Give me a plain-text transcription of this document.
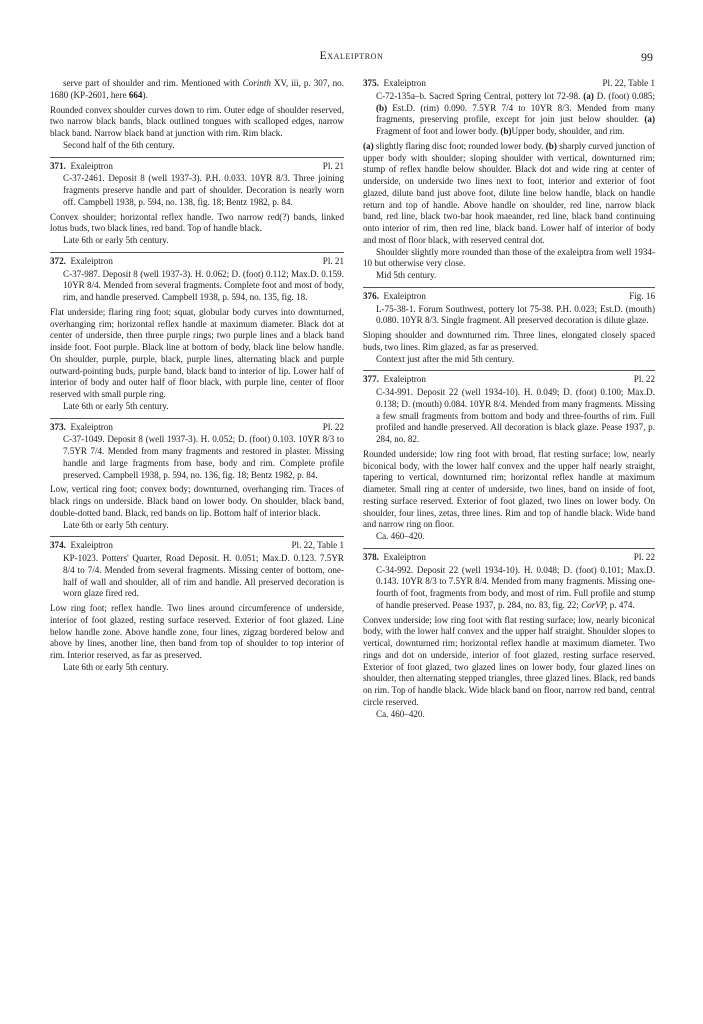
Exaleiptron	99

serve part of shoulder and rim. Mentioned with Corinth XV, iii, p. 307, no. 1680 (KP-2601, here 664).

Rounded convex shoulder curves down to rim. Outer edge of shoulder reserved, two narrow black bands, black outlined tongues with scalloped edges, narrow black band. Narrow black band at junction with rim. Rim black.

Second half of the 6th century.

371. Exaleiptron	Pl. 21

C-37-2461. Deposit 8 (well 1937-3). P.H. 0.033. 10YR 8/3. Three joining fragments preserve handle and part of shoulder. Decoration is nearly worn off. Campbell 1938, p. 594, no. 138, fig. 18; Bentz 1982, p. 84.

Convex shoulder; horizontal reflex handle. Two narrow red(?) bands, linked lotus buds, two black lines, red band. Top of handle black.

Late 6th or early 5th century.

372. Exaleiptron	Pl. 21

C-37-987. Deposit 8 (well 1937-3). H. 0.062; D. (foot) 0.112; Max.D. 0.159. 10YR 8/4. Mended from several fragments. Complete foot and most of body, rim, and handle preserved. Campbell 1938, p. 594, no. 135, fig. 18.

Flat underside; flaring ring foot; squat, globular body curves into downturned, overhanging rim; horizontal reflex handle at maximum diameter. Black dot at center of underside, then three purple rings; two purple lines and a black band inside foot. Foot purple. Black line at bottom of body, black line below handle. On shoulder, purple, purple, black, purple lines, alternating black and purple outward-pointing buds, purple band, black band to interior of lip. Lower half of interior of body and outer half of floor black, with purple line, center of floor reserved with small purple ring.

Late 6th or early 5th century.

373. Exaleiptron	Pl. 22

C-37-1049. Deposit 8 (well 1937-3). H. 0.052; D. (foot) 0.103. 10YR 8/3 to 7.5YR 7/4. Mended from many fragments and restored in plaster. Missing handle and large fragments from base, body and rim. Complete profile preserved. Campbell 1938, p. 594, no. 136, fig. 18; Bentz 1982, p. 84.

Low, vertical ring foot; convex body; downturned, overhanging rim. Traces of black rings on underside. Black band on lower body. On shoulder, black band, double-dotted band. Black, red bands on lip. Bottom half of interior black.

Late 6th or early 5th century.

374. Exaleiptron	Pl. 22, Table 1

KP-1023. Potters' Quarter, Road Deposit. H. 0.051; Max.D. 0.123. 7.5YR 8/4 to 7/4. Mended from several fragments. Missing center of bottom, one-half of wall and shoulder, all of rim and handle. All preserved decoration is worn glaze fired red.

Low ring foot; reflex handle. Two lines around circumference of underside, interior of foot glazed, resting surface reserved. Exterior of foot glazed. Line below handle zone. Above handle zone, four lines, zigzag bordered below and above by lines, another line, then band from top of shoulder to top interior of rim. Interior reserved, as far as preserved.

Late 6th or early 5th century.

375. Exaleiptron	Pl. 22, Table 1

C-72-135a–b. Sacred Spring Central, pottery lot 72-98. (a) D. (foot) 0.085; (b) Est.D. (rim) 0.090. 7.5YR 7/4 to 10YR 8/3. Mended from many fragments, preserving profile, except for join just below shoulder. (a) Fragment of foot and lower body. (b)Upper body, shoulder, and rim.

(a) slightly flaring disc foot; rounded lower body. (b) sharply curved junction of upper body with shoulder; sloping shoulder with vertical, downturned rim; stump of reflex handle below shoulder. Black dot and wide ring at center of underside, on underside two lines next to foot, interior and exterior of foot glazed, dilute band just above foot, dilute line below handle, black on handle return and top of handle. Above handle on shoulder, red line, narrow black band, red line, black two-bar hook maeander, red line, black band continuing onto interior of rim, then red line, black band. Lower half of interior of body and most of floor black, with reserved central dot.

Shoulder slightly more rounded than those of the exaleiptra from well 1934-10 but otherwise very close.

Mid 5th century.

376. Exaleiptron	Fig. 16

L-75-38-1. Forum Southwest, pottery lot 75-38. P.H. 0.023; Est.D. (mouth) 0.080. 10YR 8/3. Single fragment. All preserved decoration is dilute glaze.

Sloping shoulder and downturned rim. Three lines, elongated closely spaced buds, two lines. Rim glazed, as far as preserved.

Context just after the mid 5th century.

377. Exaleiptron	Pl. 22

C-34-991. Deposit 22 (well 1934-10). H. 0.049; D. (foot) 0.100; Max.D. 0.138; D. (mouth) 0.084. 10YR 8/4. Mended from many fragments. Missing a few small fragments from bottom and body and three-fourths of rim. Full profiled and handle preserved. All decoration is black glaze. Pease 1937, p. 284, no. 82.

Rounded underside; low ring foot with broad, flat resting surface; low, nearly biconical body, with the lower half convex and the upper half nearly straight, tapering to vertical, downturned rim; horizontal reflex handle at maximum diameter. Small ring at center of underside, two lines, band on inside of foot, resting surface reserved. Exterior of foot glazed, two lines on lower body. On shoulder, four lines, zetas, three lines. Rim and top of handle black. Wide band and narrow ring on floor.

Ca. 460–420.

378. Exaleiptron	Pl. 22

C-34-992. Deposit 22 (well 1934-10). H. 0.048; D. (foot) 0.101; Max.D. 0.143. 10YR 8/3 to 7.5YR 8/4. Mended from many fragments. Missing one-fourth of foot, fragments from body, and most of rim. Full profile and stump of handle preserved. Pease 1937, p. 284, no. 83, fig. 22; CorVP, p. 474.

Convex underside; low ring foot with flat resting surface; low, nearly biconical body, with the lower half convex and the upper half straight. Shoulder slopes to vertical, downturned rim; horizontal reflex handle at maximum diameter. Two rings and dot on underside, interior of foot glazed, resting surface reserved. Exterior of foot glazed, two glazed lines on lower body, four glazed lines on shoulder, then alternating stepped triangles, three glazed lines. Black, red bands on rim. Top of handle black. Wide black band on floor, narrow red band, central circle reserved.

Ca. 460–420.
